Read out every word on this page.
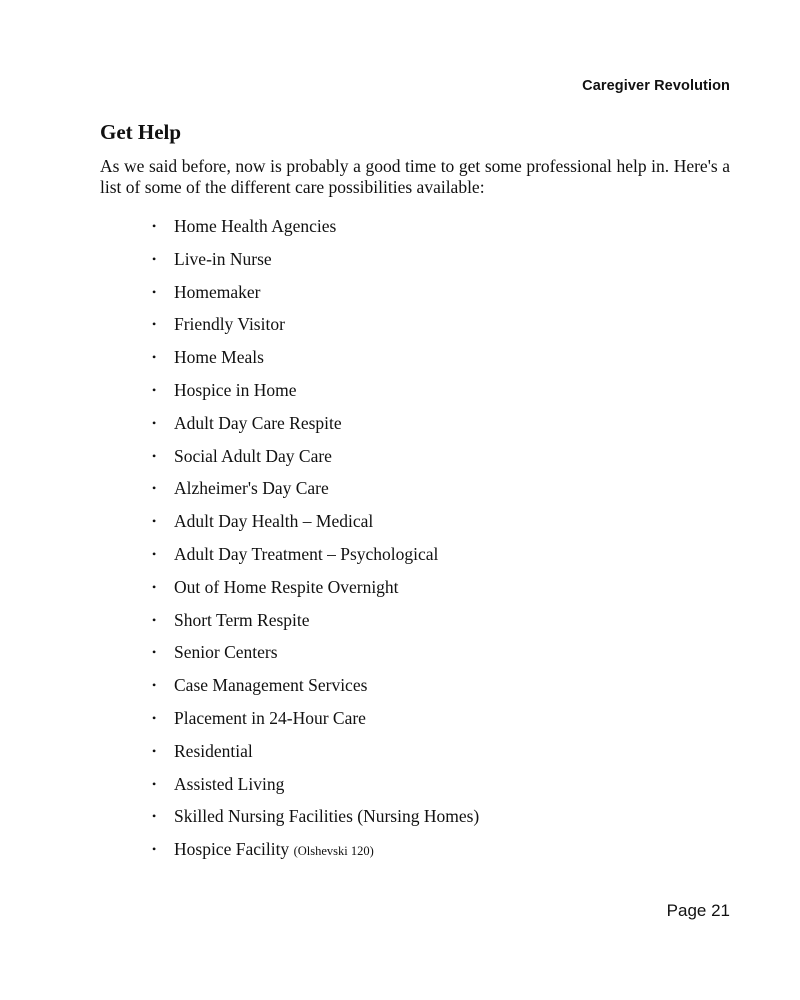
Caregiver Revolution
Get Help

As we said before, now is probably a good time to get some professional help in. Here's a list of some of the different care possibilities available:

• Home Health Agencies
• Live-in Nurse
• Homemaker
• Friendly Visitor
• Home Meals
• Hospice in Home
• Adult Day Care Respite
• Social Adult Day Care
• Alzheimer's Day Care
• Adult Day Health – Medical
• Adult Day Treatment – Psychological
• Out of Home Respite Overnight
• Short Term Respite
• Senior Centers
• Case Management Services
• Placement in 24-Hour Care
• Residential
• Assisted Living
• Skilled Nursing Facilities (Nursing Homes)
• Hospice Facility (Olshevski 120)
Page 21
